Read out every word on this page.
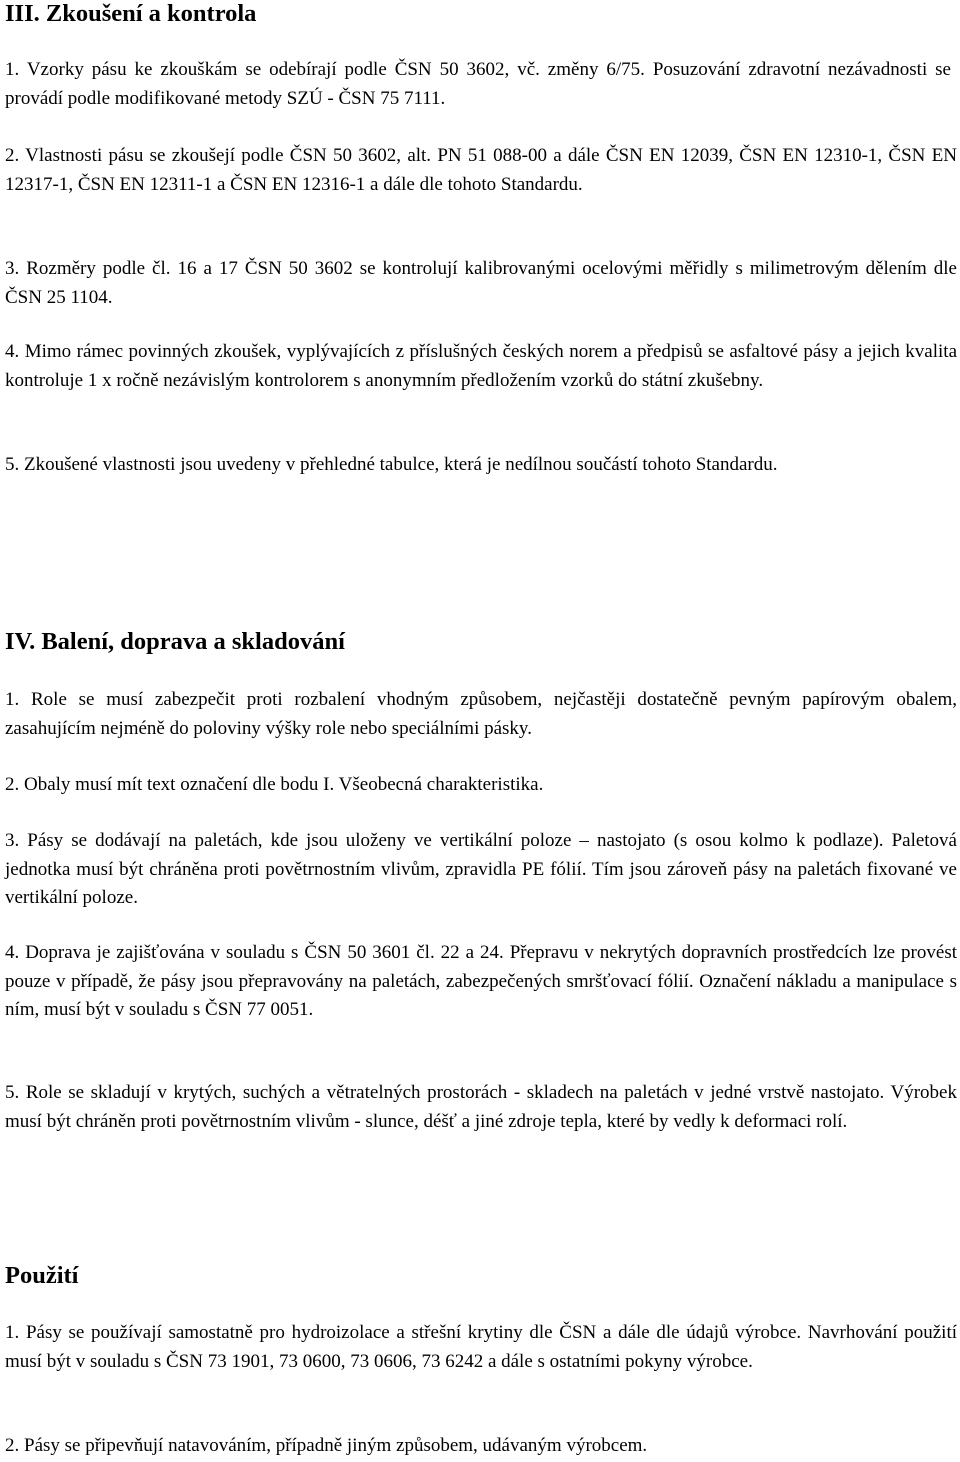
III. Zkoušení a kontrola

1. Vzorky pásu ke zkouškám se odebírají podle ČSN 50 3602, vč. změny 6/75. Posuzování zdravotní nezávadnosti se provádí podle modifikované metody SZÚ - ČSN 75 7111.

2. Vlastnosti pásu se zkoušejí podle ČSN 50 3602, alt. PN 51 088-00 a dále ČSN EN 12039, ČSN EN 12310-1, ČSN EN 12317-1, ČSN EN 12311-1 a ČSN EN 12316-1 a dále dle tohoto Standardu.

3. Rozměry podle čl. 16 a 17 ČSN 50 3602 se kontrolují kalibrovanými ocelovými měřidly s milimetrovým dělením dle ČSN 25 1104.

4. Mimo rámec povinných zkoušek, vyplývajících z příslušných českých norem a předpisů se asfaltové pásy a jejich kvalita kontroluje 1 x ročně nezávislým kontrolorem s anonymním předložením vzorků do státní zkušebny.

5. Zkoušené vlastnosti jsou uvedeny v přehledné tabulce, která je nedílnou součástí tohoto Standardu.

IV. Balení, doprava a skladování

1. Role se musí zabezpečit proti rozbalení vhodným způsobem, nejčastěji dostatečně pevným papírovým obalem, zasahujícím nejméně do poloviny výšky role nebo speciálními pásky.

2. Obaly musí mít text označení dle bodu I. Všeobecná charakteristika.

3. Pásy se dodávají na paletách, kde jsou uloženy ve vertikální poloze – nastojato (s osou kolmo k podlaze). Paletová jednotka musí být chráněna proti povětrnostním vlivům, zpravidla PE fólií. Tím jsou zároveň pásy na paletách fixované ve vertikální poloze.

4. Doprava je zajišťována v souladu s ČSN 50 3601 čl. 22 a 24. Přepravu v nekrytých dopravních prostředcích lze provést pouze v případě, že pásy jsou přepravovány na paletách, zabezpečených smršťovací fólií. Označení nákladu a manipulace s ním, musí být v souladu s ČSN 77 0051.

5. Role se skladují v krytých, suchých a větratelných prostorách - skladech na paletách v jedné vrstvě nastojato. Výrobek musí být chráněn proti povětrnostním vlivům - slunce, déšť a jiné zdroje tepla, které by vedly k deformaci rolí.

Použití

1. Pásy se používají samostatně pro hydroizolace a střešní krytiny dle ČSN a dále dle údajů výrobce. Navrhování použití musí být v souladu s ČSN 73 1901, 73 0600, 73 0606, 73 6242 a dále s ostatními pokyny výrobce.

2. Pásy se připevňují natavováním, případně jiným způsobem, udávaným výrobcem.
